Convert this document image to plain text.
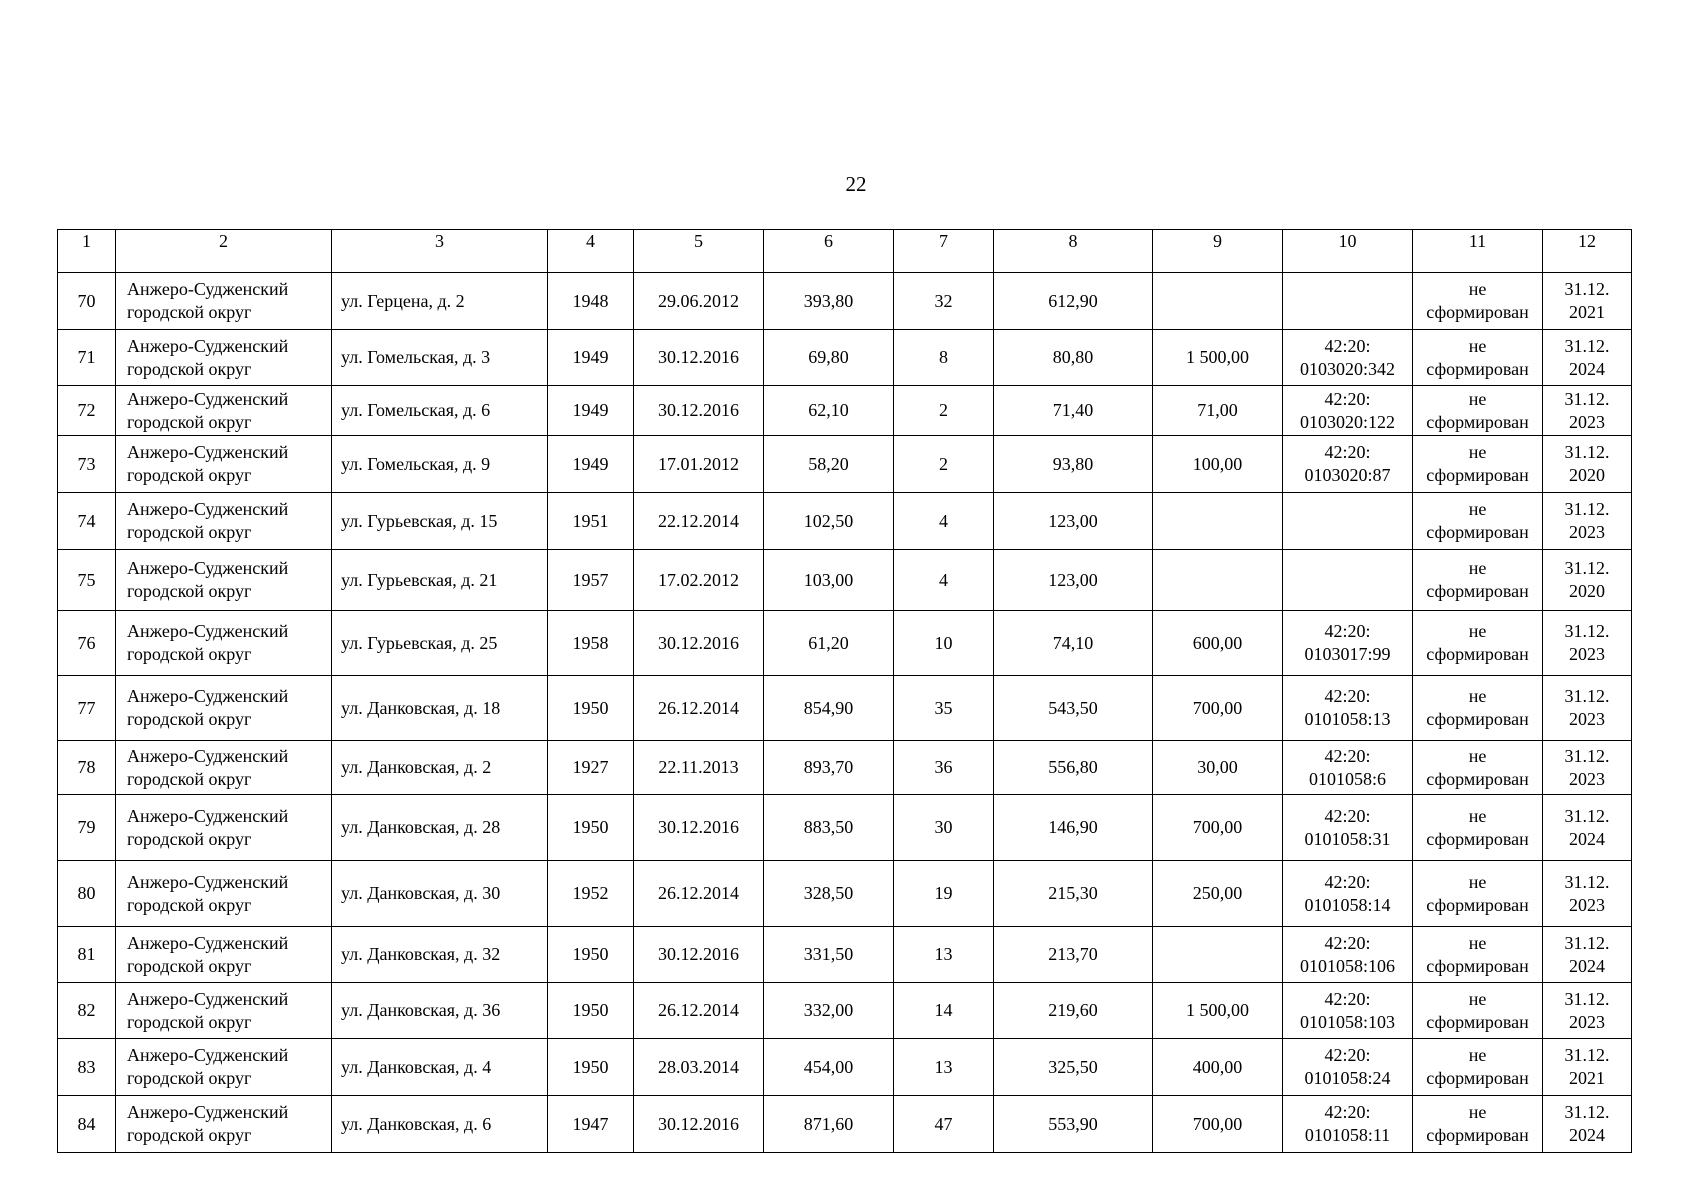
22
1	2	3	4	5	6	7	8	9	10	11	12
70	Анжеро-Судженский
городской округ	ул. Герцена, д. 2	1948	29.06.2012	393,80	32	612,90			не
сформирован	31.12.
2021

71	Анжеро-Судженский
городской округ	ул. Гомельская, д. 3	1949	30.12.2016	69,80	8	80,80	1 500,00	42:20:
0103020:342	не
сформирован	31.12.
2024

72	Анжеро-Судженский
городской округ	ул. Гомельская, д. 6	1949	30.12.2016	62,10	2	71,40	71,00	42:20:
0103020:122	не
сформирован	31.12.
2023

73	Анжеро-Судженский
городской округ	ул. Гомельская, д. 9	1949	17.01.2012	58,20	2	93,80	100,00	42:20:
0103020:87	не
сформирован	31.12.
2020

74	Анжеро-Судженский
городской округ	ул. Гурьевская, д. 15	1951	22.12.2014	102,50	4	123,00			не
сформирован	31.12.
2023

75	Анжеро-Судженский
городской округ	ул. Гурьевская, д. 21	1957	17.02.2012	103,00	4	123,00			не
сформирован	31.12.
2020

76	Анжеро-Судженский
городской округ	ул. Гурьевская, д. 25	1958	30.12.2016	61,20	10	74,10	600,00	42:20:
0103017:99	не
сформирован	31.12.
2023

77	Анжеро-Судженский
городской округ	ул. Данковская, д. 18	1950	26.12.2014	854,90	35	543,50	700,00	42:20:
0101058:13	не
сформирован	31.12.
2023

78	Анжеро-Судженский
городской округ	ул. Данковская, д. 2	1927	22.11.2013	893,70	36	556,80	30,00	42:20:
0101058:6	не
сформирован	31.12.
2023

79	Анжеро-Судженский
городской округ	ул. Данковская, д. 28	1950	30.12.2016	883,50	30	146,90	700,00	42:20:
0101058:31	не
сформирован	31.12.
2024

80	Анжеро-Судженский
городской округ	ул. Данковская, д. 30	1952	26.12.2014	328,50	19	215,30	250,00	42:20:
0101058:14	не
сформирован	31.12.
2023

81	Анжеро-Судженский
городской округ	ул. Данковская, д. 32	1950	30.12.2016	331,50	13	213,70		42:20:
0101058:106	не
сформирован	31.12.
2024

82	Анжеро-Судженский
городской округ	ул. Данковская, д. 36	1950	26.12.2014	332,00	14	219,60	1 500,00	42:20:
0101058:103	не
сформирован	31.12.
2023

83	Анжеро-Судженский
городской округ	ул. Данковская, д. 4	1950	28.03.2014	454,00	13	325,50	400,00	42:20:
0101058:24	не
сформирован	31.12.
2021

84	Анжеро-Судженский
городской округ	ул. Данковская, д. 6	1947	30.12.2016	871,60	47	553,90	700,00	42:20:
0101058:11	не
сформирован	31.12.
2024
